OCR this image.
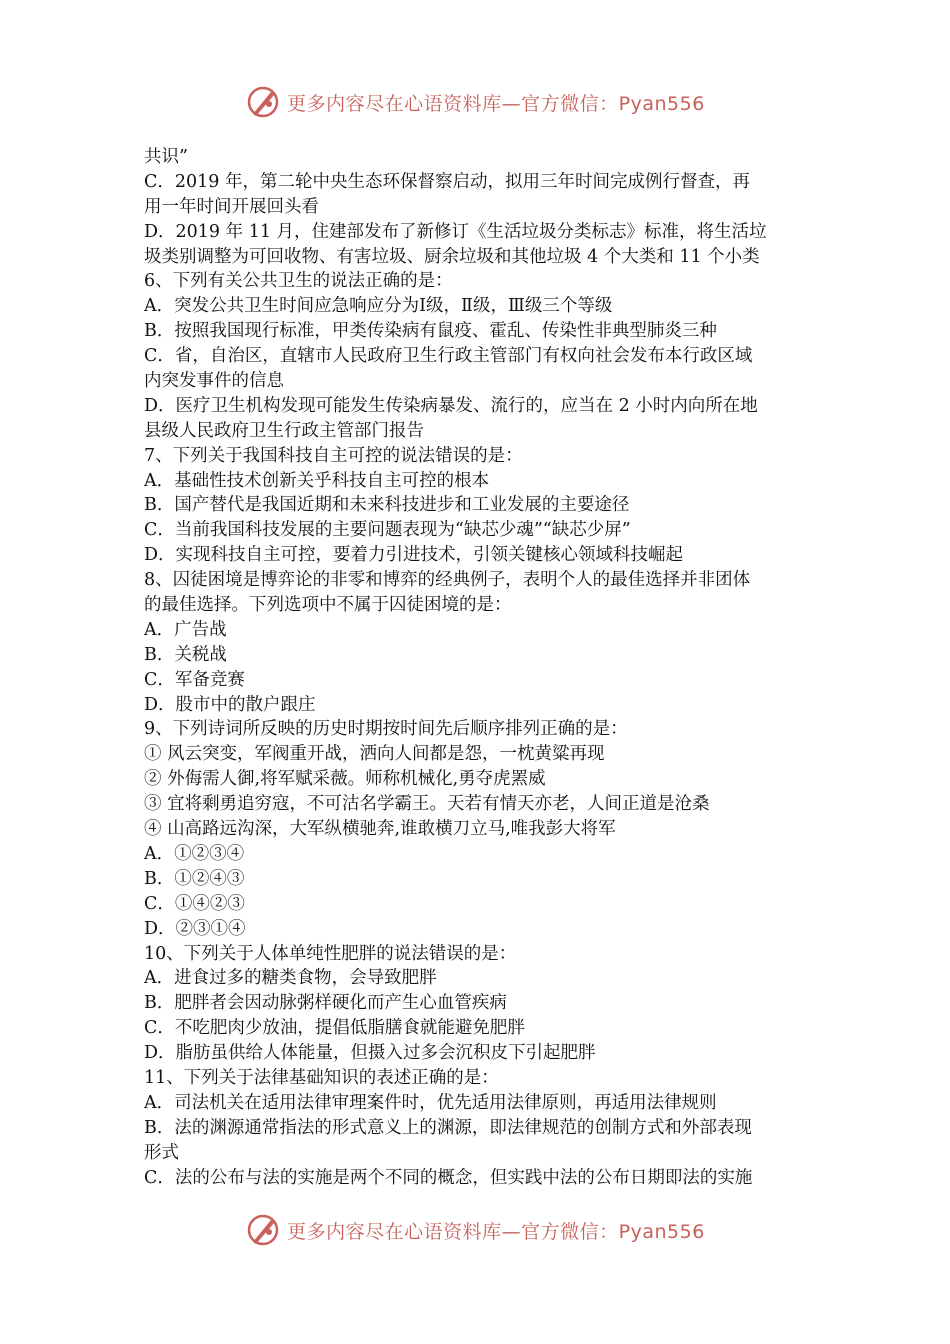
更多内容尽在心语资料库—官方微信：Pyan556
共识”
C．2019 年，第二轮中央生态环保督察启动，拟用三年时间完成例行督查，再
用一年时间开展回头看
D．2019 年 11 月，住建部发布了新修订《生活垃圾分类标志》标准，将生活垃
圾类别调整为可回收物、有害垃圾、厨余垃圾和其他垃圾 4 个大类和 11 个小类
6、下列有关公共卫生的说法正确的是：
A．突发公共卫生时间应急响应分为Ⅰ级，Ⅱ级，Ⅲ级三个等级
B．按照我国现行标准，甲类传染病有鼠疫、霍乱、传染性非典型肺炎三种
C．省，自治区，直辖市人民政府卫生行政主管部门有权向社会发布本行政区域
内突发事件的信息
D．医疗卫生机构发现可能发生传染病暴发、流行的，应当在 2 小时内向所在地
县级人民政府卫生行政主管部门报告
7、下列关于我国科技自主可控的说法错误的是：
A．基础性技术创新关乎科技自主可控的根本
B．国产替代是我国近期和未来科技进步和工业发展的主要途径
C．当前我国科技发展的主要问题表现为“缺芯少魂”“缺芯少屏”
D．实现科技自主可控，要着力引进技术，引领关键核心领域科技崛起
8、囚徒困境是博弈论的非零和博弈的经典例子，表明个人的最佳选择并非团体
的最佳选择。下列选项中不属于囚徒困境的是：
A．广告战
B．关税战
C．军备竞赛
D．股市中的散户跟庄
9、下列诗词所反映的历史时期按时间先后顺序排列正确的是：
① 风云突变，军阀重开战，洒向人间都是怨，一枕黄粱再现
② 外侮需人御,将军赋采薇。师称机械化,勇夺虎罴威
③ 宜将剩勇追穷寇，不可沽名学霸王。天若有情天亦老，人间正道是沧桑
④ 山高路远沟深，大军纵横驰奔,谁敢横刀立马,唯我彭大将军
A．①②③④
B．①②④③
C．①④②③
D．②③①④
10、下列关于人体单纯性肥胖的说法错误的是：
A．进食过多的糖类食物，会导致肥胖
B．肥胖者会因动脉粥样硬化而产生心血管疾病
C．不吃肥肉少放油，提倡低脂膳食就能避免肥胖
D．脂肪虽供给人体能量，但摄入过多会沉积皮下引起肥胖
11、下列关于法律基础知识的表述正确的是：
A．司法机关在适用法律审理案件时，优先适用法律原则，再适用法律规则
B．法的渊源通常指法的形式意义上的渊源，即法律规范的创制方式和外部表现
形式
C．法的公布与法的实施是两个不同的概念，但实践中法的公布日期即法的实施
更多内容尽在心语资料库—官方微信：Pyan556
